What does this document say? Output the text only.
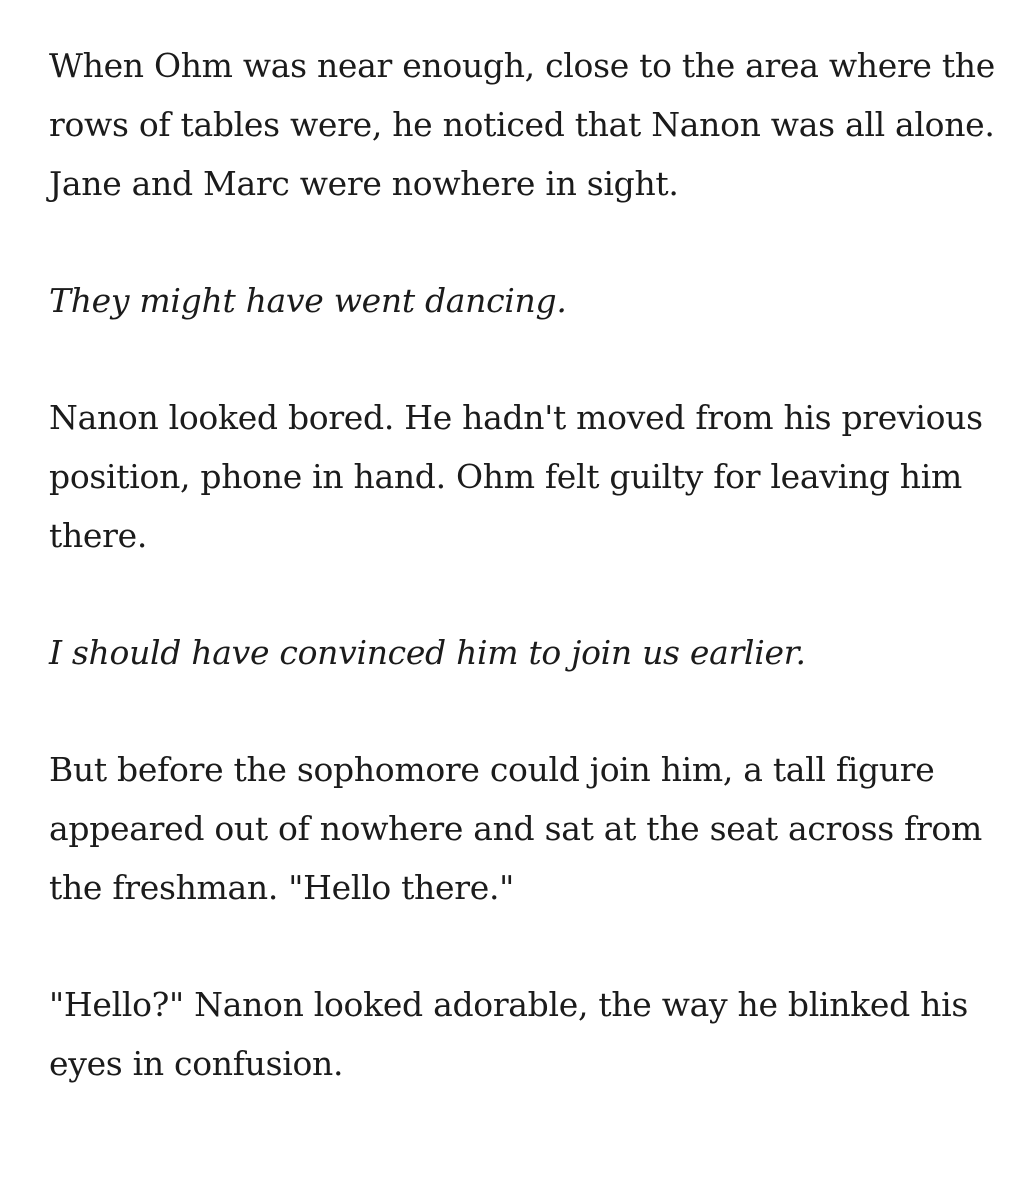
When Ohm was near enough, close to the area where the rows of tables were, he noticed that Nanon was all alone. Jane and Marc were nowhere in sight.

They might have went dancing.

Nanon looked bored. He hadn't moved from his previous position, phone in hand. Ohm felt guilty for leaving him there.

I should have convinced him to join us earlier.

But before the sophomore could join him, a tall figure appeared out of nowhere and sat at the seat across from the freshman. "Hello there."

"Hello?" Nanon looked adorable, the way he blinked his eyes in confusion.
